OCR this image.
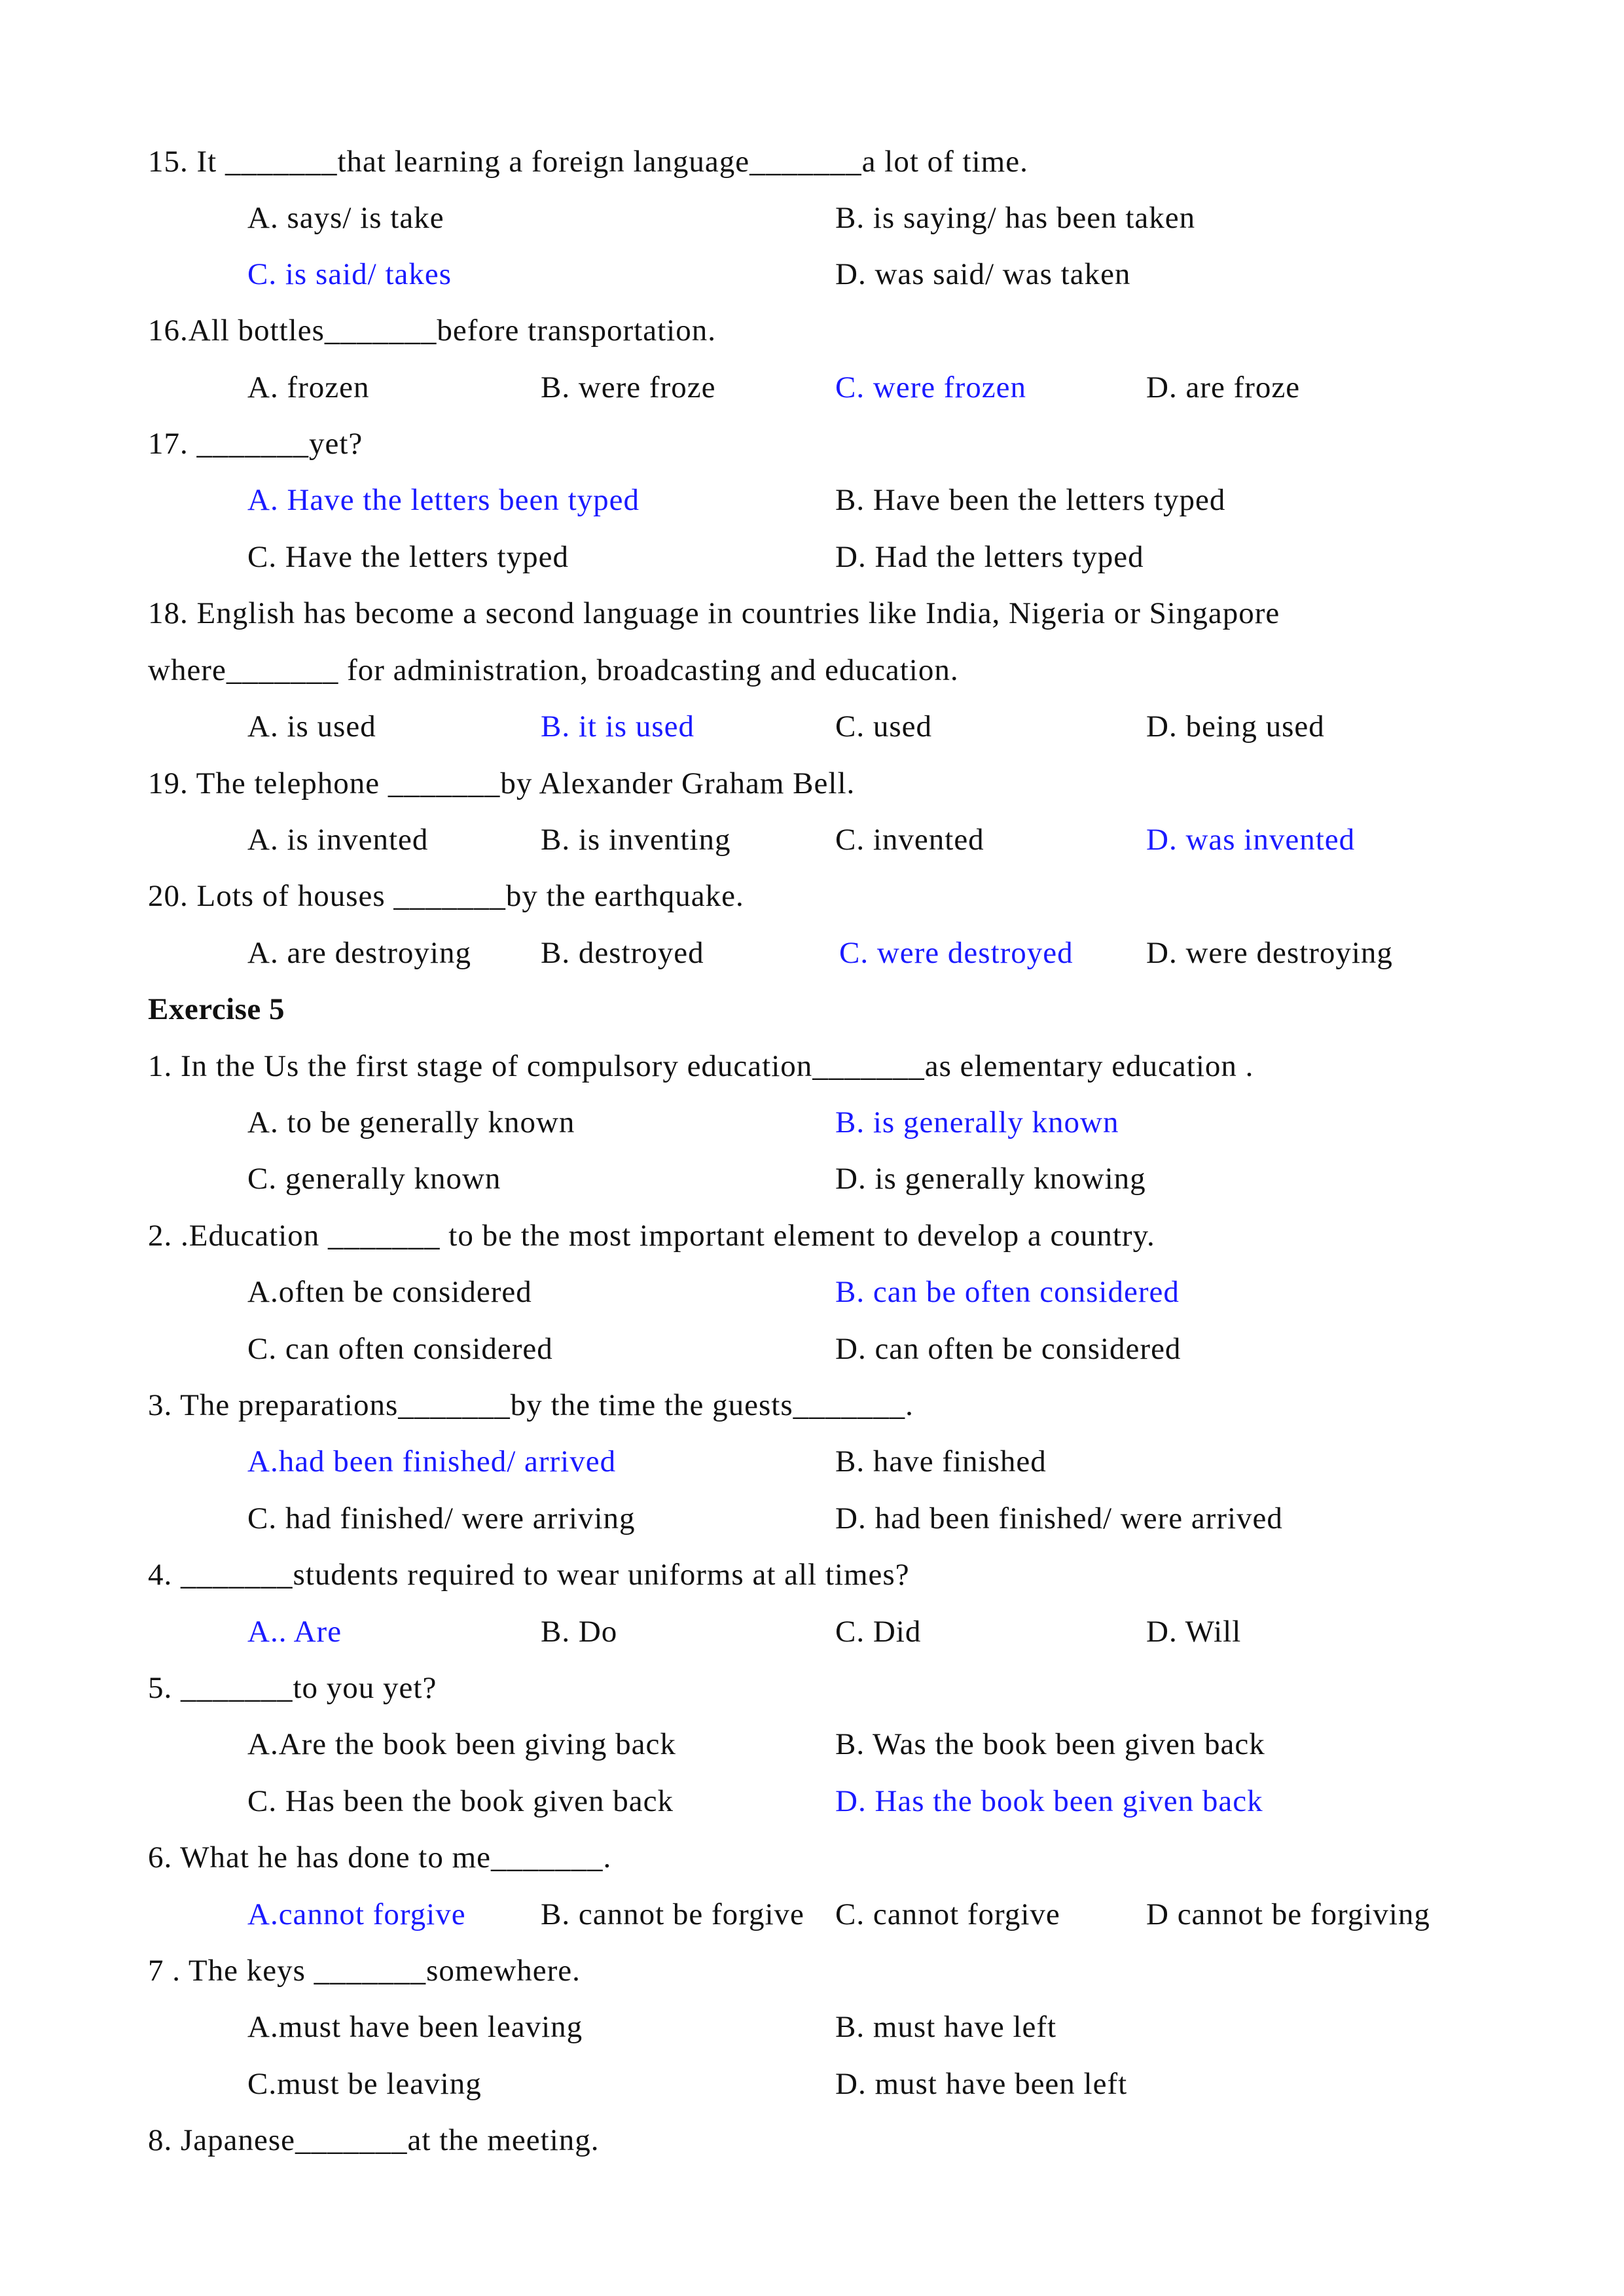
15. It _______that learning a foreign language_______a lot of time.
A. says/ is take	B. is saying/ has been taken
C. is said/ takes	D. was said/ was taken
16.All bottles_______before transportation.
A. frozen	B. were froze	C. were frozen	D. are froze
17. _______yet?
A. Have the letters been typed	B. Have been the letters typed
C. Have the letters typed	D. Had the letters typed
18. English has become a second language in countries like India, Nigeria or Singapore
where_______ for administration, broadcasting and education.
A. is used	B. it is used	C. used	D. being used
19. The telephone _______by Alexander Graham Bell.
A. is invented	B. is inventing	C. invented	D. was invented
20. Lots of houses _______by the earthquake.
A. are destroying B. destroyed	C. were destroyed D. were destroying
Exercise 5
1. In the Us the first stage of compulsory education_______as elementary education .
A. to be generally known	B. is generally known
C. generally known	D. is generally knowing
2. .Education _______ to be the most important element to develop a country.
A.often be considered	B. can be often considered
C. can often considered	D. can often be considered
3. The preparations_______by the time the guests_______.
A.had been finished/ arrived	B. have finished
C. had finished/ were arriving	D. had been finished/ were arrived
4. _______students required to wear uniforms at all times?
A.. Are	B. Do	C. Did	D. Will
5. _______to you yet?
A.Are the book been giving back	B. Was the book been given back
C. Has been the book given back	D. Has the book been given back
6. What he has done to me_______.
A.cannot forgive B. cannot be forgive C. cannot forgive	D cannot be forgiving
7 . The keys _______somewhere.
A.must have been leaving	B. must have left
C.must be leaving	D. must have been left
8. Japanese_______at the meeting.
